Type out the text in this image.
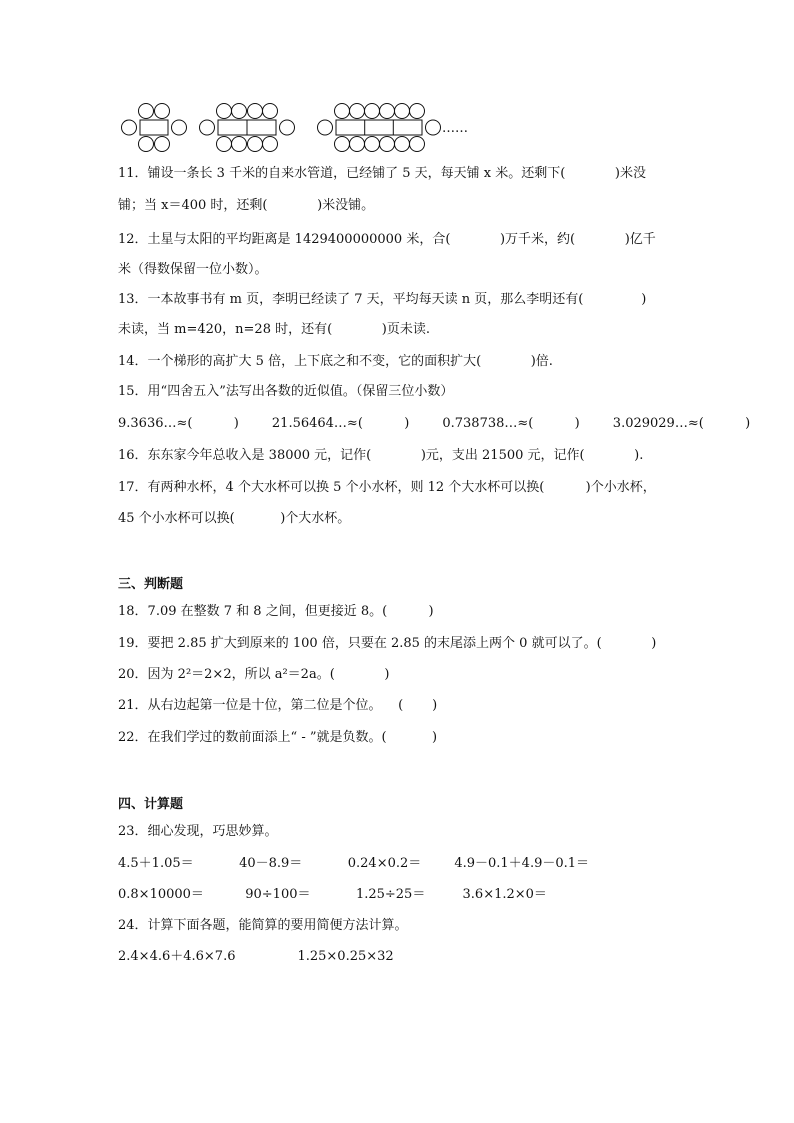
……
11．铺设一条长 3 千米的自来水管道，已经铺了 5 天，每天铺 x 米。还剩下(            )米没
铺；当 x＝400 时，还剩(            )米没铺。
12．土星与太阳的平均距离是 1429400000000 米，合(            )万千米，约(            )亿千
米（得数保留一位小数）。
13．一本故事书有 m 页，李明已经读了 7 天，平均每天读 n 页，那么李明还有(              )
未读，当 m=420，n=28 时，还有(            )页未读.
14．一个梯形的高扩大 5 倍，上下底之和不变，它的面积扩大(            )倍.
15．用“四舍五入”法写出各数的近似值。（保留三位小数）
9.3636…≈(          )        21.56464…≈(          )        0.738738…≈(          )        3.029029…≈(          )
16．东东家今年总收入是 38000 元，记作(            )元，支出 21500 元，记作(            ).
17．有两种水杯，4 个大水杯可以换 5 个小水杯，则 12 个大水杯可以换(          )个小水杯，
45 个小水杯可以换(           )个大水杯。
三、判断题
18．7.09 在整数 7 和 8 之间，但更接近 8。(          )
19．要把 2.85 扩大到原来的 100 倍，只要在 2.85 的末尾添上两个 0 就可以了。(            )
20．因为 2²＝2×2，所以 a²＝2a。(            )
21．从右边起第一位是十位，第二位是个位。    (       )
22．在我们学过的数前面添上“ - ”就是负数。(           )
四、计算题
23．细心发现，巧思妙算。
4.5＋1.05＝           40－8.9＝           0.24×0.2＝        4.9－0.1＋4.9－0.1＝
0.8×10000＝          90÷100＝           1.25÷25＝         3.6×1.2×0＝
24．计算下面各题，能简算的要用简便方法计算。
2.4×4.6＋4.6×7.6               1.25×0.25×32
